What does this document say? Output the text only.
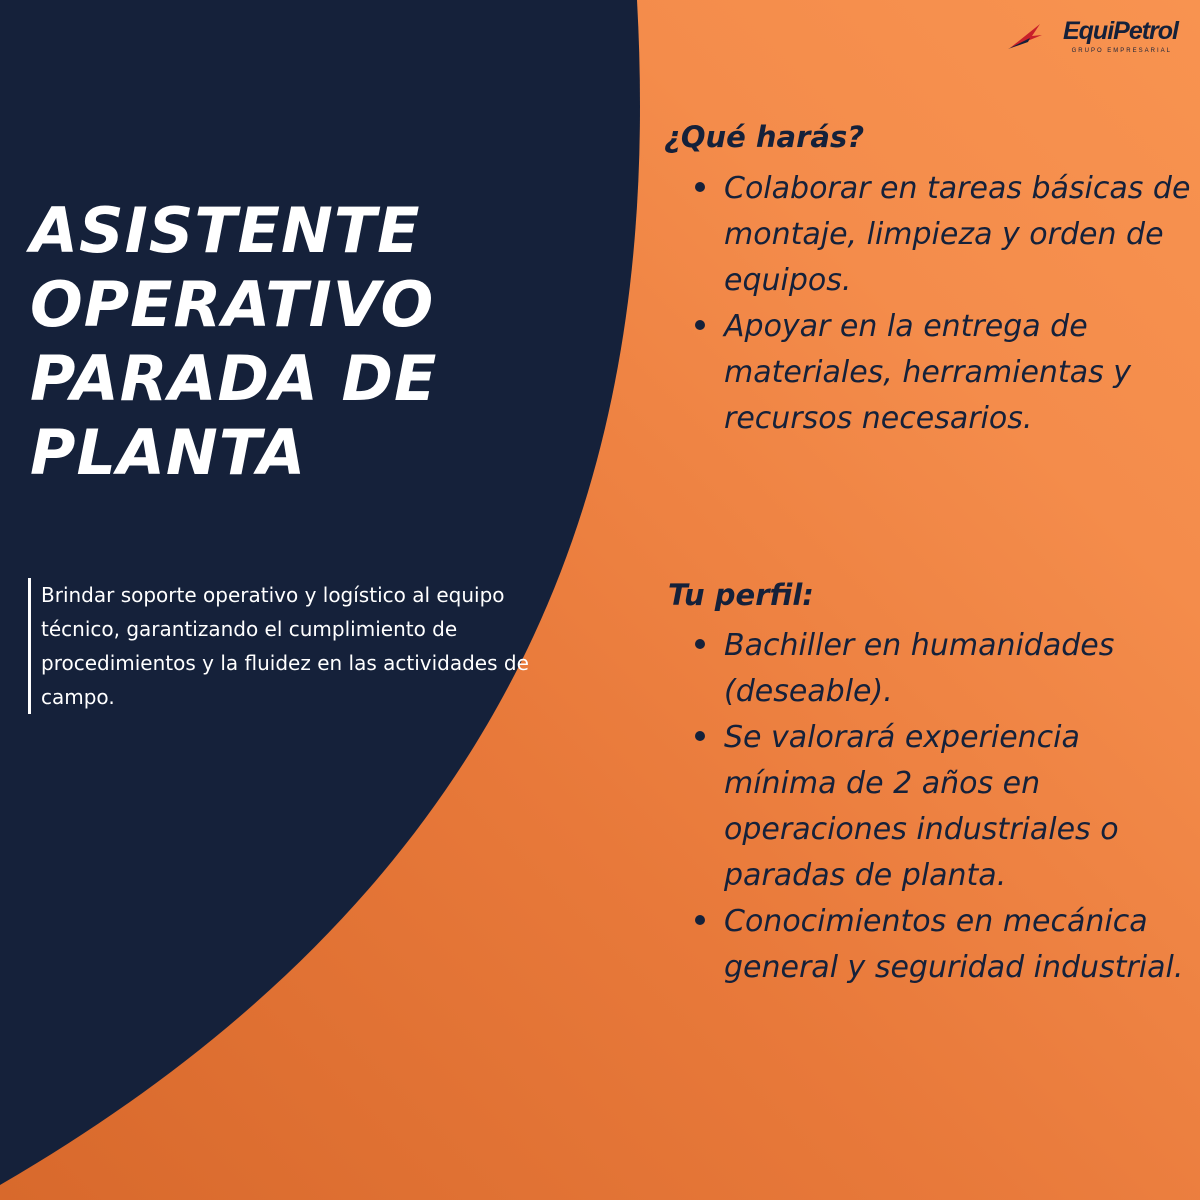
EquiPetrol
GRUPO EMPRESARIAL
ASISTENTE
OPERATIVO
PARADA DE
PLANTA

Brindar soporte operativo y logístico al equipo técnico, garantizando el cumplimiento de procedimientos y la fluidez en las actividades de campo.

¿Qué harás?
Colaborar en tareas básicas de montaje, limpieza y orden de equipos.
Apoyar en la entrega de materiales, herramientas y recursos necesarios.
Tu perfil:
Bachiller en humanidades (deseable).
Se valorará experiencia mínima de 2 años en operaciones industriales o paradas de planta.
Conocimientos en mecánica general y seguridad industrial.
